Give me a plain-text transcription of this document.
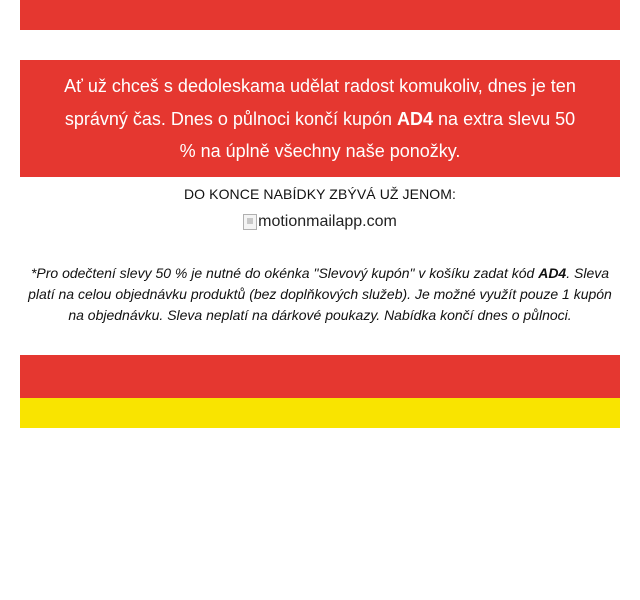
Ať už chceš s dedoleskama udělat radost komukoliv, dnes je ten správný čas. Dnes o půlnoci končí kupón AD4 na extra slevu 50 % na úplně všechny naše ponožky.
DO KONCE NABÍDKY ZBÝVÁ UŽ JENOM:
motionmailapp.com
*Pro odečtení slevy 50 % je nutné do okénka "Slevový kupón" v košíku zadat kód AD4. Sleva platí na celou objednávku produktů (bez doplňkových služeb). Je možné využít pouze 1 kupón na objednávku. Sleva neplatí na dárkové poukazy. Nabídka končí dnes o půlnoci.
